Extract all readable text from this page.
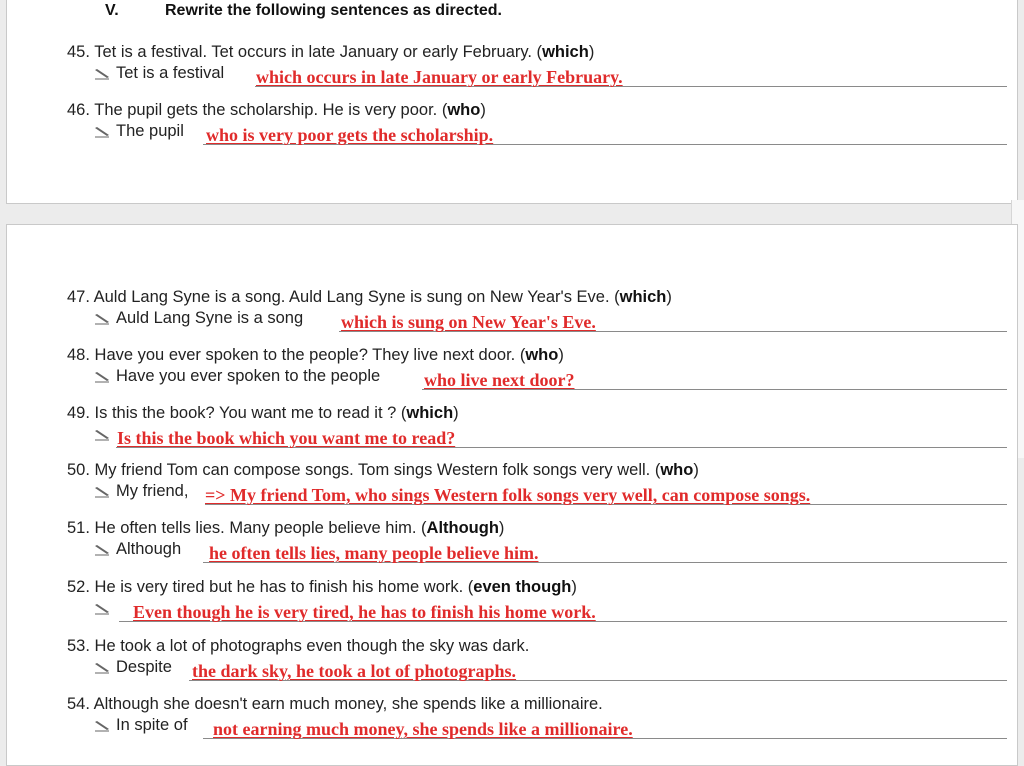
V.	Rewrite the following sentences as directed.
45. Tet is a festival. Tet occurs in late January or early February. (which)
Tet is a festival which occurs in late January or early February.
46. The pupil gets the scholarship. He is very poor. (who)
The pupil who is very poor gets the scholarship.
47. Auld Lang Syne is a song. Auld Lang Syne is sung on New Year's Eve. (which)
Auld Lang Syne is a song which is sung on New Year's Eve.
48. Have you ever spoken to the people? They live next door. (who)
Have you ever spoken to the people who live next door?
49. Is this the book? You want me to read it ? (which)
Is this the book which you want me to read?
50. My friend Tom can compose songs. Tom sings Western folk songs very well. (who)
My friend, => My friend Tom, who sings Western folk songs very well, can compose songs.
51. He often tells lies. Many people believe him. (Although)
Although he often tells lies, many people believe him.
52. He is very tired but he has to finish his home work. (even though)
Even though he is very tired, he has to finish his home work.
53. He took a lot of photographs even though the sky was dark.
Despite the dark sky, he took a lot of photographs.
54. Although she doesn't earn much money, she spends like a millionaire.
In spite of not earning much money, she spends like a millionaire.
